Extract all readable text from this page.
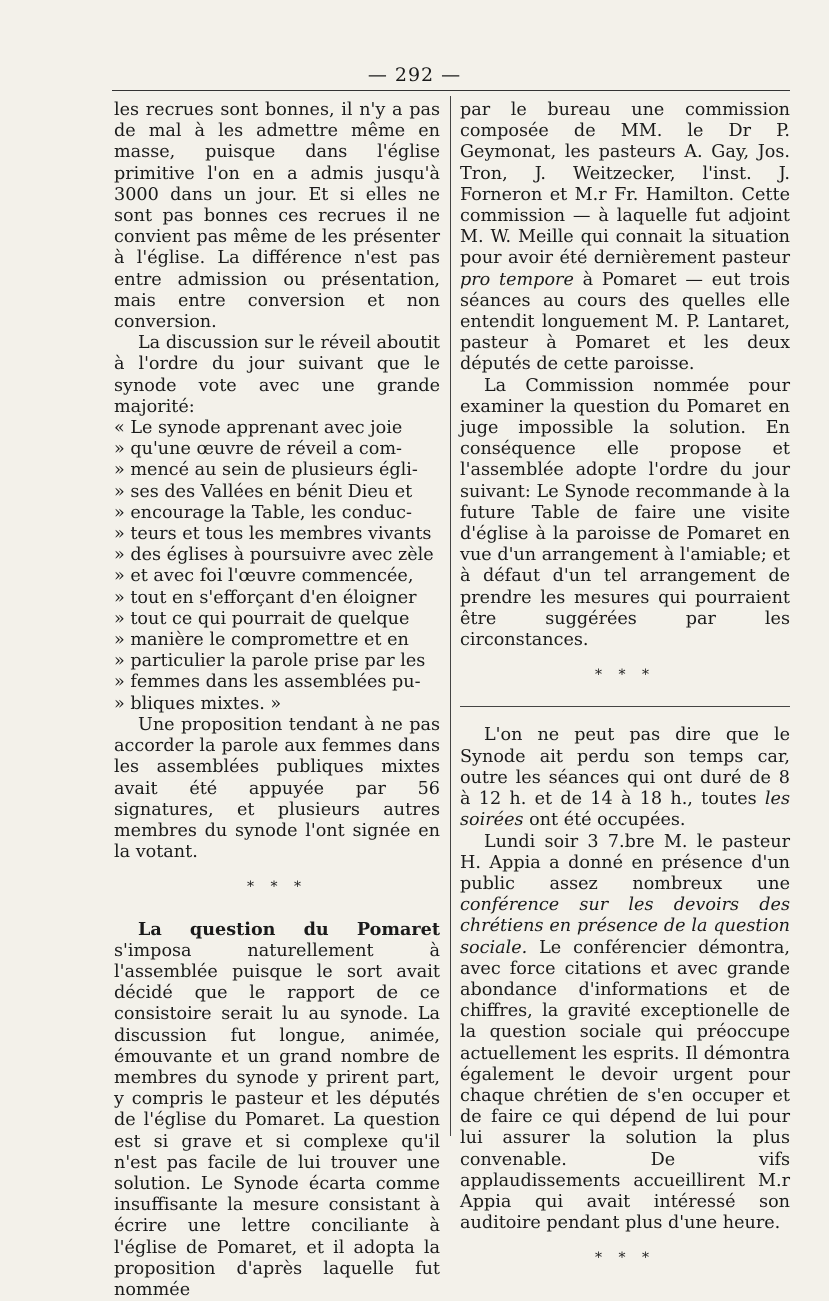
— 292 —

les recrues sont bonnes, il n'y a pas de mal à les admettre même en masse, puisque dans l'église primitive l'on en a admis jusqu'à 3000 dans un jour. Et si elles ne sont pas bonnes ces recrues il ne convient pas même de les présenter à l'église. La différence n'est pas entre admission ou présentation, mais entre conversion et non conversion.

La discussion sur le réveil aboutit à l'ordre du jour suivant que le synode vote avec une grande majorité:

« Le synode apprenant avec joie
» qu'une œuvre de réveil a com-
» mencé au sein de plusieurs égli-
» ses des Vallées en bénit Dieu et
» encourage la Table, les conduc-
» teurs et tous les membres vivants
» des églises à poursuivre avec zèle
» et avec foi l'œuvre commencée,
» tout en s'efforçant d'en éloigner
» tout ce qui pourrait de quelque
» manière le compromettre et en
» particulier la parole prise par les
» femmes dans les assemblées pu-
» bliques mixtes. »

Une proposition tendant à ne pas accorder la parole aux femmes dans les assemblées publiques mixtes avait été appuyée par 56 signatures, et plusieurs autres membres du synode l'ont signée en la votant.

* * *

La question du Pomaret s'imposa naturellement à l'assemblée puisque le sort avait décidé que le rapport de ce consistoire serait lu au synode. La discussion fut longue, animée, émouvante et un grand nombre de membres du synode y prirent part, y compris le pasteur et les députés de l'église du Pomaret. La question est si grave et si complexe qu'il n'est pas facile de lui trouver une solution. Le Synode écarta comme insuffisante la mesure consistant à écrire une lettre conciliante à l'église de Pomaret, et il adopta la proposition d'après laquelle fut nommée

par le bureau une commission composée de MM. le Dr P. Geymonat, les pasteurs A. Gay, Jos. Tron, J. Weitzecker, l'inst. J. Forneron et M.r Fr. Hamilton. Cette commission — à laquelle fut adjoint M. W. Meille qui connait la situation pour avoir été dernièrement pasteur pro tempore à Pomaret — eut trois séances au cours des quelles elle entendit longuement M. P. Lantaret, pasteur à Pomaret et les deux députés de cette paroisse.

La Commission nommée pour examiner la question du Pomaret en juge impossible la solution. En conséquence elle propose et l'assemblée adopte l'ordre du jour suivant: Le Synode recommande à la future Table de faire une visite d'église à la paroisse de Pomaret en vue d'un arrangement à l'amiable; et à défaut d'un tel arrangement de prendre les mesures qui pourraient être suggérées par les circonstances.

* * *

L'on ne peut pas dire que le Synode ait perdu son temps car, outre les séances qui ont duré de 8 à 12 h. et de 14 à 18 h., toutes les soirées ont été occupées.

Lundi soir 3 7.bre M. le pasteur H. Appia a donné en présence d'un public assez nombreux une conférence sur les devoirs des chrétiens en présence de la question sociale. Le conférencier démontra, avec force citations et avec grande abondance d'informations et de chiffres, la gravité exceptionelle de la question sociale qui préoccupe actuellement les esprits. Il démontra également le devoir urgent pour chaque chrétien de s'en occuper et de faire ce qui dépend de lui pour lui assurer la solution la plus convenable. De vifs applaudissements accueillirent M.r Appia qui avait intéressé son auditoire pendant plus d'une heure.

* * *
